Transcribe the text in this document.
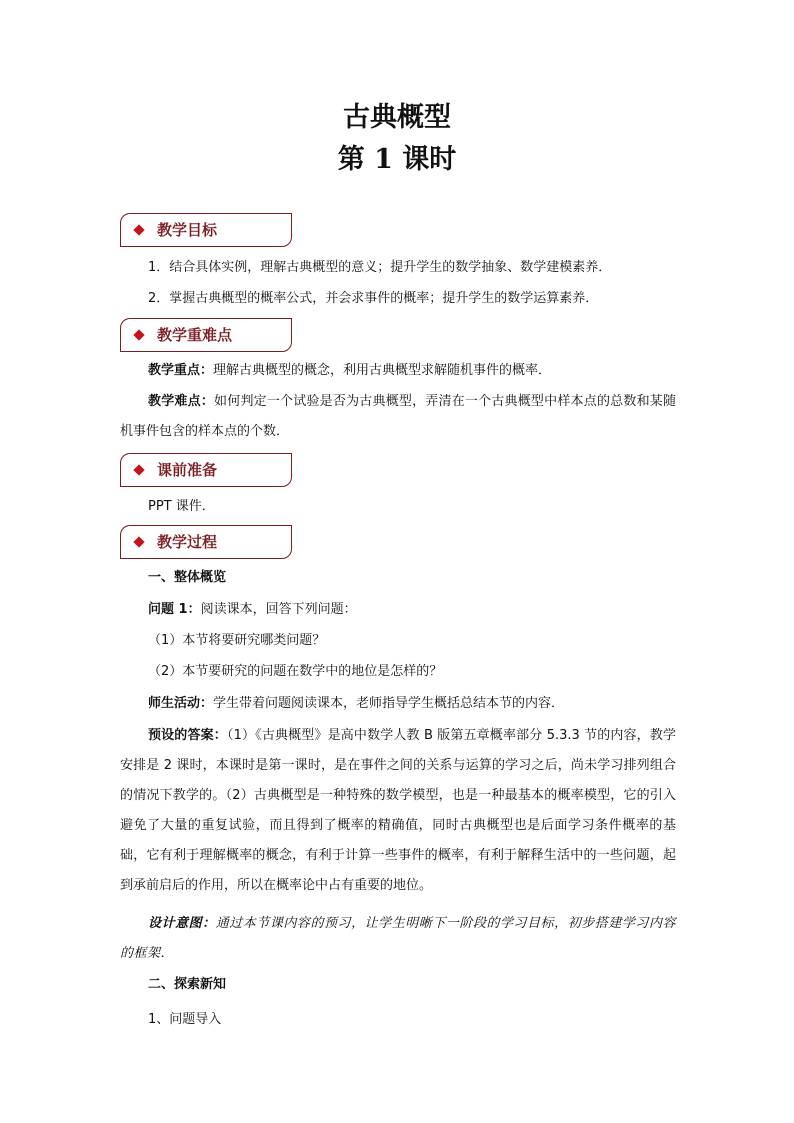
古典概型
第 1 课时
教学目标
1．结合具体实例，理解古典概型的意义；提升学生的数学抽象、数学建模素养．
2．掌握古典概型的概率公式，并会求事件的概率；提升学生的数学运算素养．
教学重难点
教学重点：理解古典概型的概念，利用古典概型求解随机事件的概率．
教学难点：如何判定一个试验是否为古典概型，弄清在一个古典概型中样本点的总数和某随机事件包含的样本点的个数．
课前准备
PPT 课件．
教学过程
一、整体概览
问题 1：阅读课本，回答下列问题：
（1）本节将要研究哪类问题？
（2）本节要研究的问题在数学中的地位是怎样的？
师生活动：学生带着问题阅读课本，老师指导学生概括总结本节的内容．
预设的答案：（1）《古典概型》是高中数学人教 B 版第五章概率部分 5.3.3 节的内容，教学安排是 2 课时，本课时是第一课时，是在事件之间的关系与运算的学习之后，尚未学习排列组合的情况下教学的。（2）古典概型是一种特殊的数学模型，也是一种最基本的概率模型，它的引入避免了大量的重复试验，而且得到了概率的精确值，同时古典概型也是后面学习条件概率的基础，它有利于理解概率的概念，有利于计算一些事件的概率，有利于解释生活中的一些问题，起到承前启后的作用，所以在概率论中占有重要的地位。
设计意图：通过本节课内容的预习，让学生明晰下一阶段的学习目标，初步搭建学习内容的框架．
二、探索新知
1、问题导入
